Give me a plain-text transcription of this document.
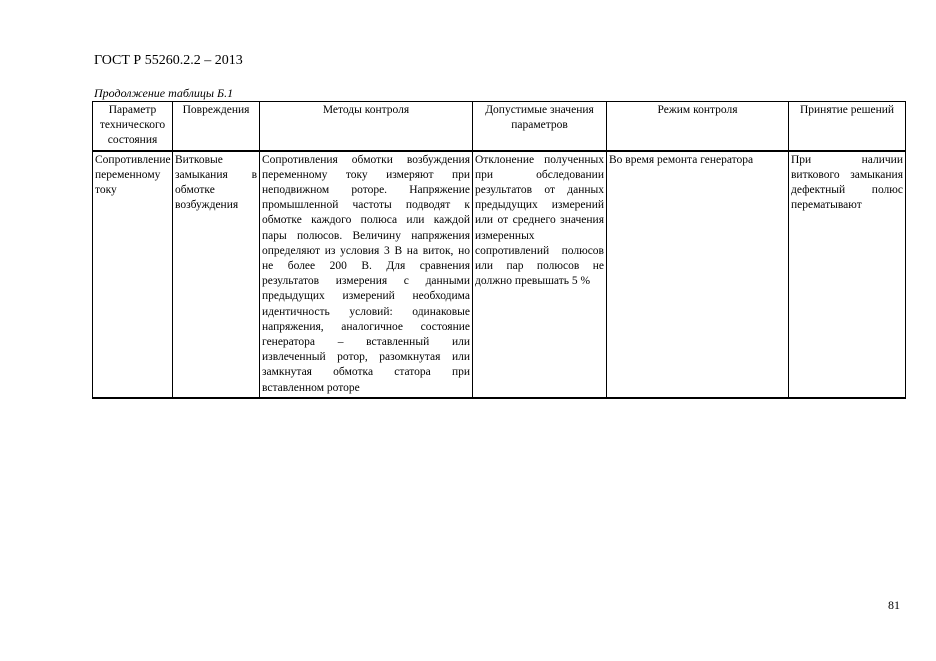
ГОСТ Р 55260.2.2 – 2013
Продолжение таблицы Б.1
Параметр технического состояния	Повреждения	Методы контроля	Допустимые значения параметров	Режим контроля	Принятие решений
Сопротивление переменному току	Витковые замыкания в обмотке возбуждения	Сопротивления обмотки возбуждения переменному току измеряют при неподвижном роторе. Напряжение промышленной частоты подводят к обмотке каждого полюса или каждой пары полюсов. Величину напряжения определяют из условия 3 В на виток, но не более 200 В. Для сравнения результатов измерения с данными предыдущих измерений необходима идентичность условий: одинаковые напряжения, аналогичное состояние генератора – вставленный или извлеченный ротор, разомкнутая или замкнутая обмотка статора при вставленном роторе	Отклонение полученных при обследовании результатов от данных предыдущих измерений или от среднего значения измеренных сопротивлений полюсов или пар полюсов не должно превышать 5 %	Во время ремонта генератора	При наличии виткового замыкания дефектный полюс перематывают
81
